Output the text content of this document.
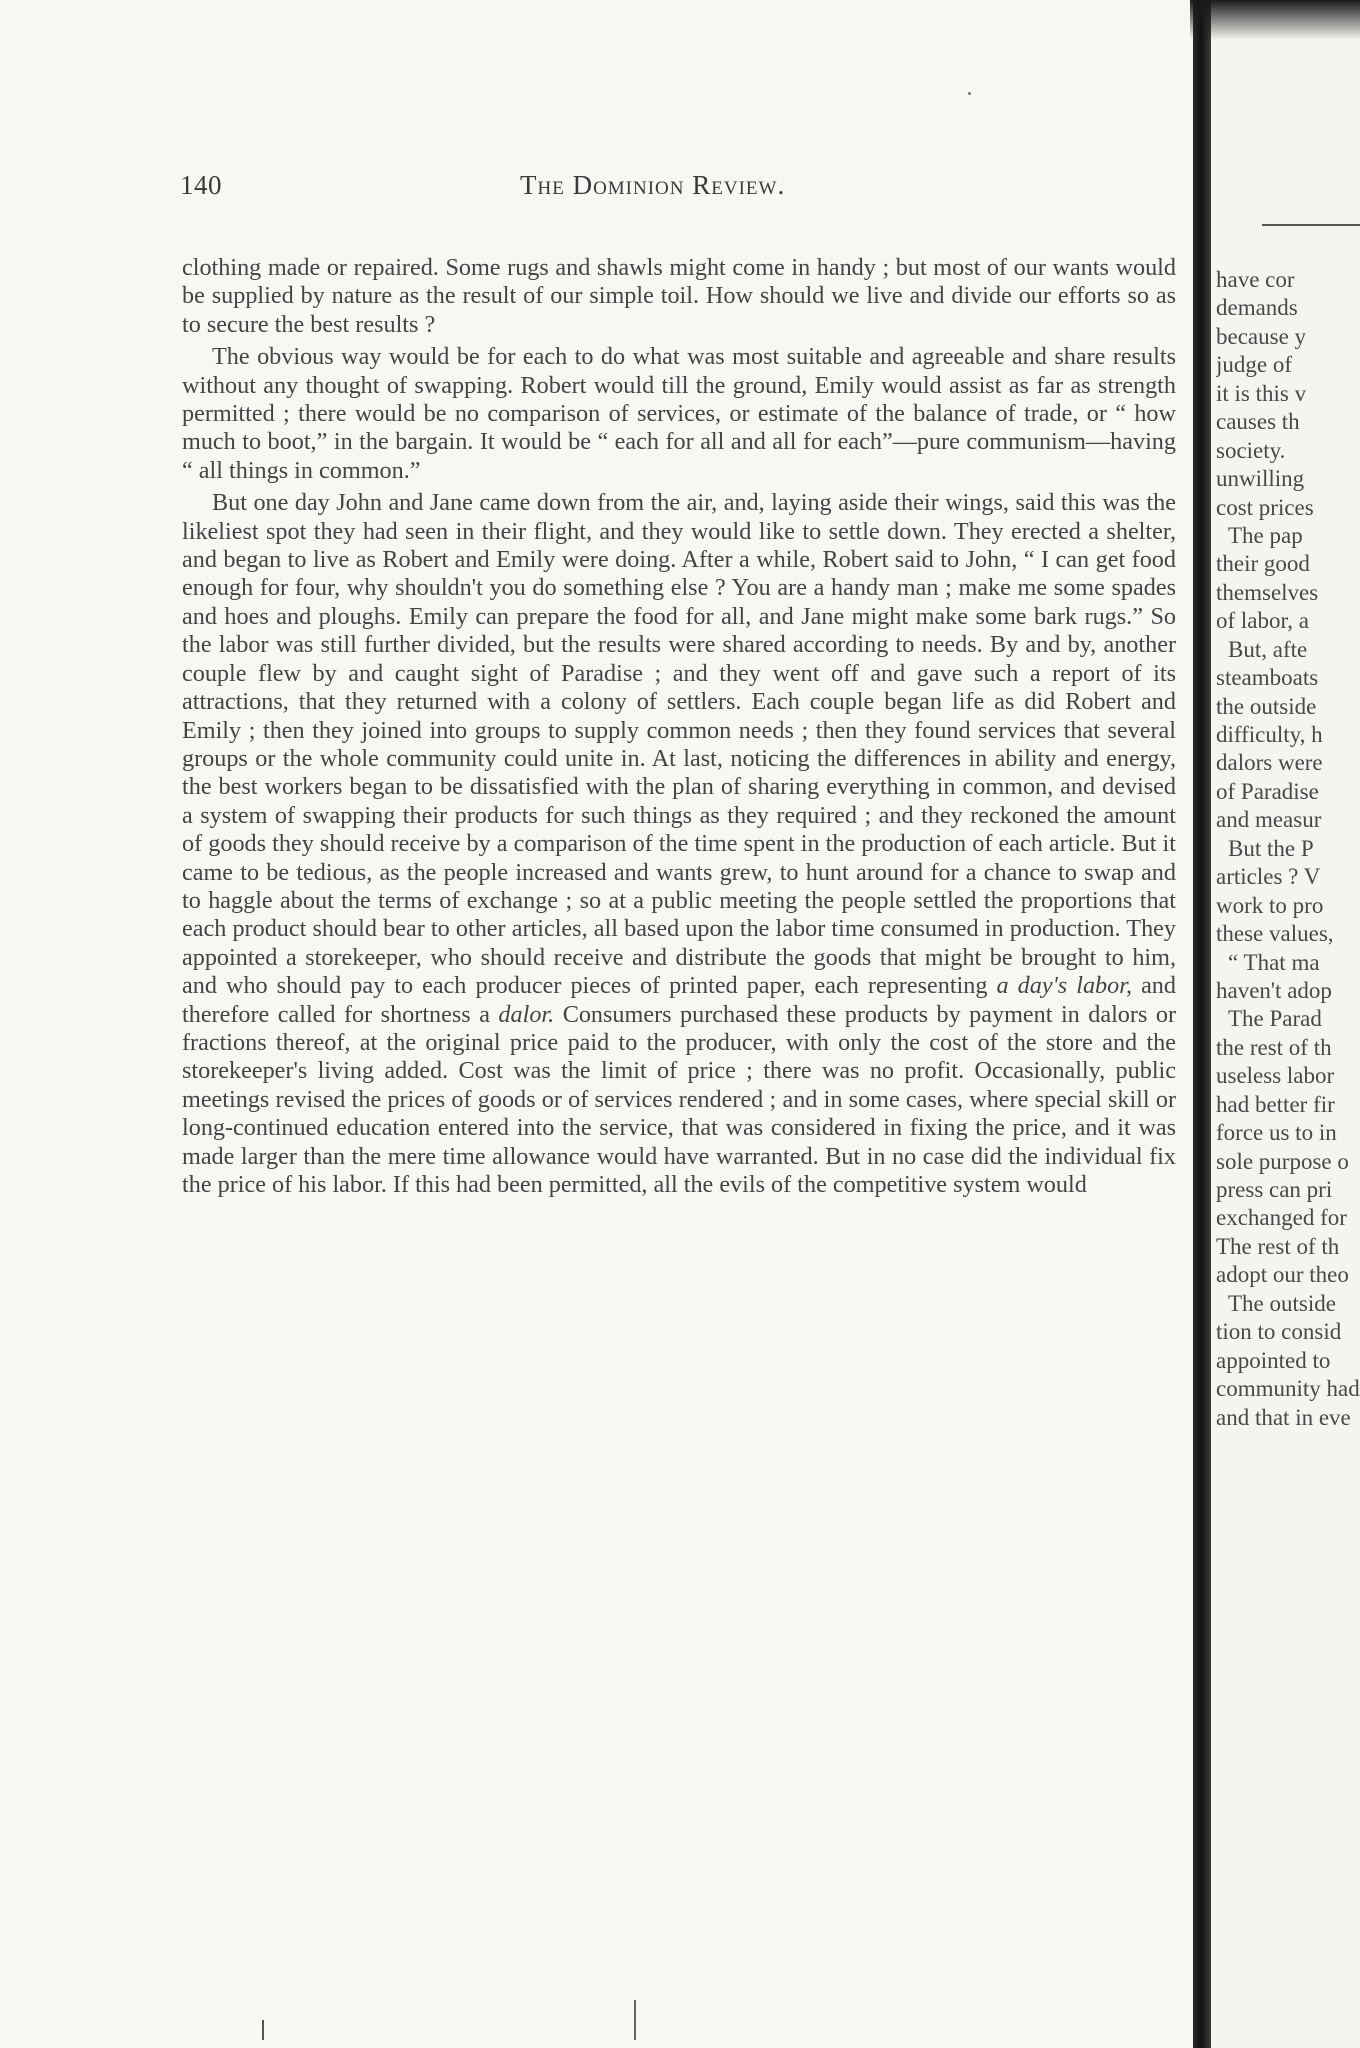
140	The Dominion Review.

clothing made or repaired. Some rugs and shawls might come in handy ; but most of our wants would be supplied by nature as the result of our simple toil. How should we live and divide our efforts so as to secure the best results ?

The obvious way would be for each to do what was most suitable and agreeable and share results without any thought of swapping. Robert would till the ground, Emily would assist as far as strength permitted ; there would be no comparison of services, or estimate of the balance of trade, or “ how much to boot,” in the bargain. It would be “ each for all and all for each”—pure communism—having “ all things in common.”

But one day John and Jane came down from the air, and, laying aside their wings, said this was the likeliest spot they had seen in their flight, and they would like to settle down. They erected a shelter, and began to live as Robert and Emily were doing. After a while, Robert said to John, “ I can get food enough for four, why shouldn't you do something else ? You are a handy man ; make me some spades and hoes and ploughs. Emily can prepare the food for all, and Jane might make some bark rugs.” So the labor was still further divided, but the results were shared according to needs. By and by, another couple flew by and caught sight of Paradise ; and they went off and gave such a report of its attractions, that they returned with a colony of settlers. Each couple began life as did Robert and Emily ; then they joined into groups to supply common needs ; then they found services that several groups or the whole community could unite in. At last, noticing the differences in ability and energy, the best workers began to be dissatisfied with the plan of sharing everything in common, and devised a system of swapping their products for such things as they required ; and they reckoned the amount of goods they should receive by a comparison of the time spent in the production of each article. But it came to be tedious, as the people increased and wants grew, to hunt around for a chance to swap and to haggle about the terms of exchange ; so at a public meeting the people settled the proportions that each product should bear to other articles, all based upon the labor time consumed in production. They appointed a storekeeper, who should receive and distribute the goods that might be brought to him, and who should pay to each producer pieces of printed paper, each representing a day's labor, and therefore called for shortness a dalor. Consumers purchased these products by payment in dalors or fractions thereof, at the original price paid to the producer, with only the cost of the store and the storekeeper's living added. Cost was the limit of price ; there was no profit. Occasionally, public meetings revised the prices of goods or of services rendered ; and in some cases, where special skill or long-continued education entered into the service, that was considered in fixing the price, and it was made larger than the mere time allowance would have warranted. But in no case did the individual fix the price of his labor. If this had been permitted, all the evils of the competitive system would

have cor
demands
because y
judge of
it is this v
causes th
society.
unwilling
cost prices
The pap
their good
themselves
of labor, a
But, afte
steamboats
the outside
difficulty, h
dalors were
of Paradise
and measur
But the P
articles ? V
work to pro
these values,
“ That ma
haven't adop
The Parad
the rest of th
useless labor
had better fir
force us to in
sole purpose o
press can pri
exchanged for
The rest of th
adopt our theo
The outside
tion to consid
appointed to
community had
and that in eve
